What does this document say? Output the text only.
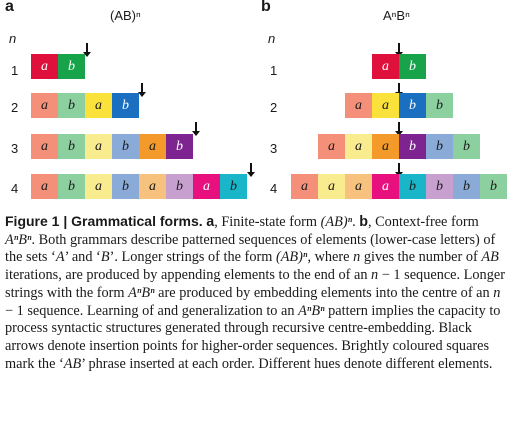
a
(AB)ⁿ
n
b
AⁿBⁿ
n
1
2
3
4
1
2
3
4
a	b
a	b	a	b
a	b	a	b	a	b
a	b	a	b	a	b	a	b
a	b
a	a	b	b
a	a	a	b	b	b
a	a	a	a	b	b	b	b

Figure 1 | Grammatical forms. a, Finite-state form (AB)ⁿ. b, Context-free form AⁿBⁿ. Both grammars describe patterned sequences of elements (lower-case letters) of the sets ‘A’ and ‘B’. Longer strings of the form (AB)ⁿ, where n gives the number of AB iterations, are produced by appending elements to the end of an n − 1 sequence. Longer strings with the form AⁿBⁿ are produced by embedding elements into the centre of an n − 1 sequence. Learning of and generalization to an AⁿBⁿ pattern implies the capacity to process syntactic structures generated through recursive centre-embedding. Black arrows denote insertion points for higher-order sequences. Brightly coloured squares mark the ‘AB’ phrase inserted at each order. Different hues denote different elements.
